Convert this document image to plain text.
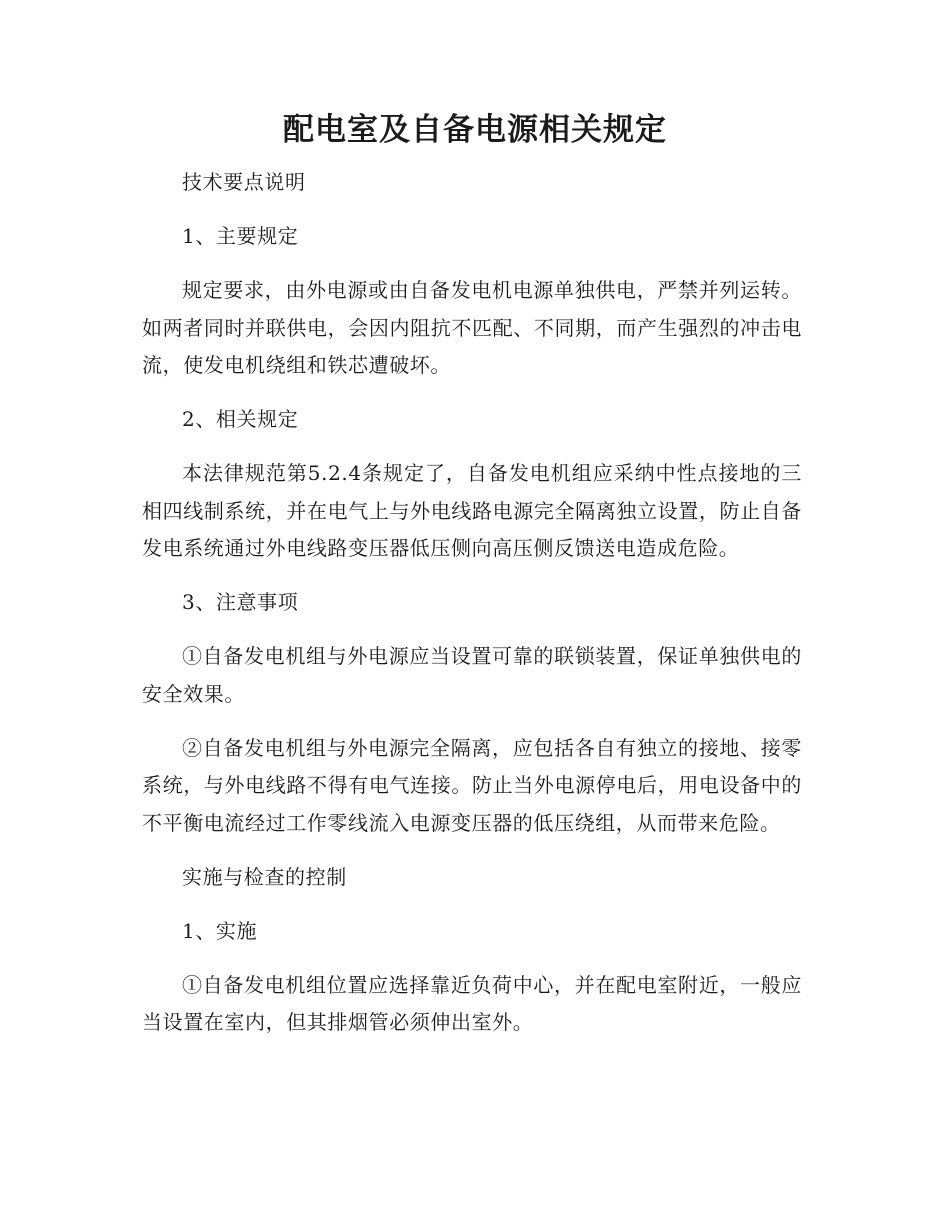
配电室及自备电源相关规定

技术要点说明

1、主要规定

规定要求，由外电源或由自备发电机电源单独供电，严禁并列运转。如两者同时并联供电，会因内阻抗不匹配、不同期，而产生强烈的冲击电流，使发电机绕组和铁芯遭破坏。

2、相关规定

本法律规范第5.2.4条规定了，自备发电机组应采纳中性点接地的三相四线制系统，并在电气上与外电线路电源完全隔离独立设置，防止自备发电系统通过外电线路变压器低压侧向高压侧反馈送电造成危险。

3、注意事项

①自备发电机组与外电源应当设置可靠的联锁装置，保证单独供电的安全效果。

②自备发电机组与外电源完全隔离，应包括各自有独立的接地、接零系统，与外电线路不得有电气连接。防止当外电源停电后，用电设备中的不平衡电流经过工作零线流入电源变压器的低压绕组，从而带来危险。

实施与检查的控制

1、实施

①自备发电机组位置应选择靠近负荷中心，并在配电室附近，一般应当设置在室内，但其排烟管必须伸出室外。
